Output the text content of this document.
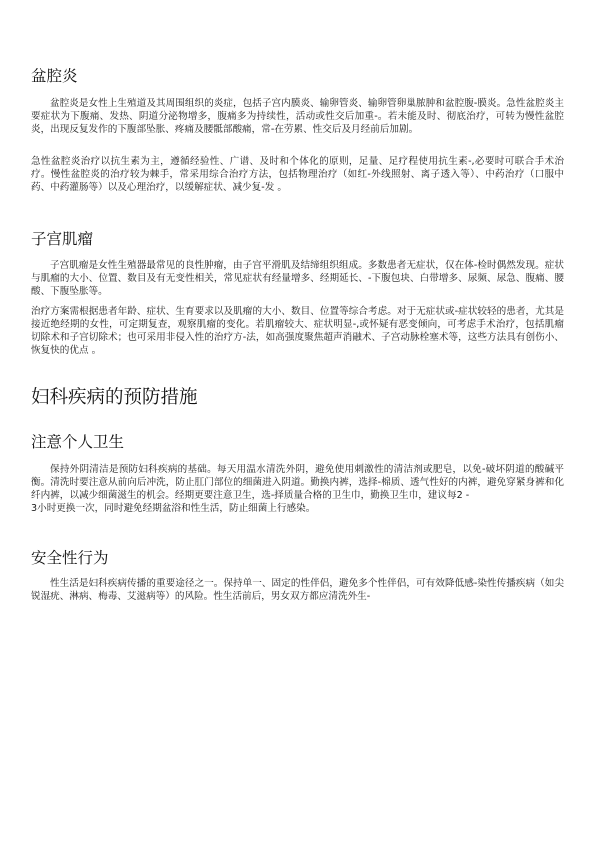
盆腔炎

盆腔炎是女性上生殖道及其周围组织的炎症，包括子宫内膜炎、输卵管炎、输卵管卵巢脓肿和盆腔腹-膜炎。急性盆腔炎主要症状为下腹痛、发热、阴道分泌物增多，腹痛多为持续性，活动或性交后加重-。若未能及时、彻底治疗，可转为慢性盆腔炎，出现反复发作的下腹部坠胀、疼痛及腰骶部酸痛，常-在劳累、性交后及月经前后加剧。

急性盆腔炎治疗以抗生素为主，遵循经验性、广谱、及时和个体化的原则，足量、足疗程使用抗生素-,必要时可联合手术治疗。慢性盆腔炎的治疗较为棘手，常采用综合治疗方法，包括物理治疗（如红-外线照射、离子透入等）、中药治疗（口服中药、中药灌肠等）以及心理治疗，以缓解症状、减少复-发 。

子宫肌瘤

子宫肌瘤是女性生殖器最常见的良性肿瘤，由子宫平滑肌及结缔组织组成。多数患者无症状，仅在体-检时偶然发现。症状与肌瘤的大小、位置、数目及有无变性相关，常见症状有经量增多、经期延长、-下腹包块、白带增多、尿频、尿急、腹痛、腰酸、下腹坠胀等。

治疗方案需根据患者年龄、症状、生育要求以及肌瘤的大小、数目、位置等综合考虑。对于无症状或-症状较轻的患者，尤其是接近绝经期的女性，可定期复查，观察肌瘤的变化。若肌瘤较大、症状明显-,或怀疑有恶变倾向，可考虑手术治疗，包括肌瘤切除术和子宫切除术；也可采用非侵入性的治疗方-法，如高强度聚焦超声消融术、子宫动脉栓塞术等，这些方法具有创伤小、恢复快的优点 。

妇科疾病的预防措施
注意个人卫生

保持外阴清洁是预防妇科疾病的基础。每天用温水清洗外阴，避免使用刺激性的清洁剂或肥皂，以免-破坏阴道的酸碱平衡。清洗时要注意从前向后冲洗，防止肛门部位的细菌进入阴道。勤换内裤，选择-棉质、透气性好的内裤，避免穿紧身裤和化纤内裤，以减少细菌滋生的机会。经期更要注意卫生，选-择质量合格的卫生巾，勤换卫生巾，建议每2 -
3小时更换一次，同时避免经期盆浴和性生活，防止细菌上行感染。

安全性行为

性生活是妇科疾病传播的重要途径之一。保持单一、固定的性伴侣，避免多个性伴侣，可有效降低感-染性传播疾病（如尖锐湿疣、淋病、梅毒、艾滋病等）的风险。性生活前后，男女双方都应清洗外生-
